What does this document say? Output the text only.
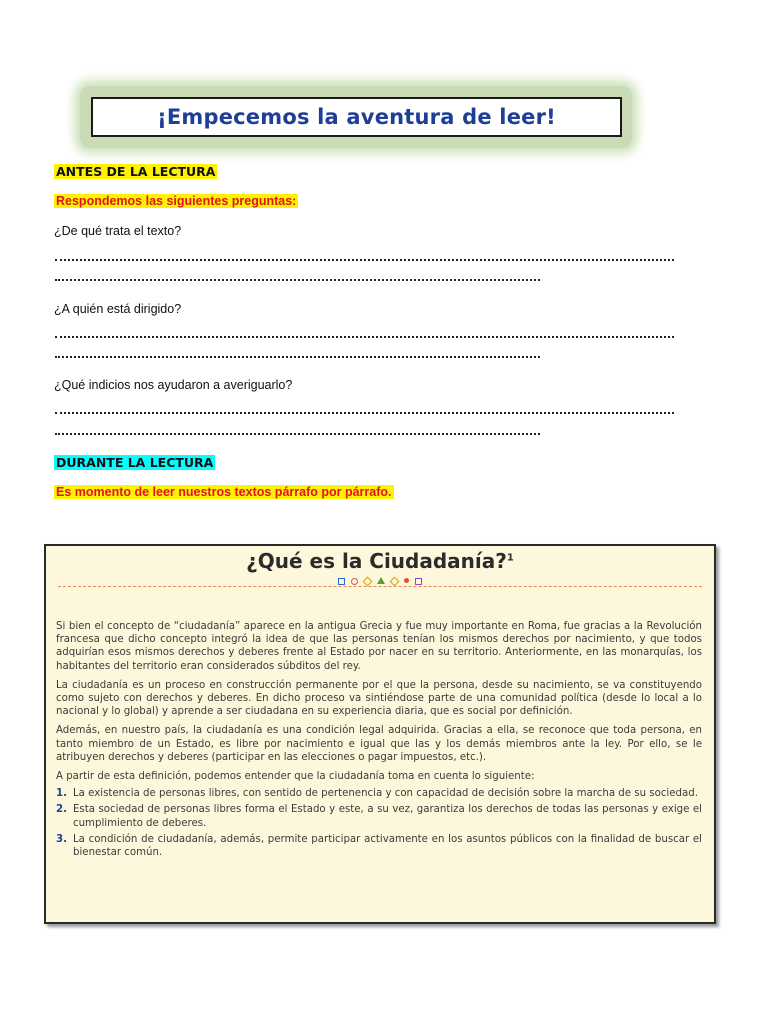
¡Empecemos la aventura de leer!
ANTES DE LA LECTURA
Respondemos las siguientes preguntas:
¿De qué trata el texto?
¿A quién está dirigido?
¿Qué indicios nos ayudaron a averiguarlo?
DURANTE LA LECTURA
Es momento de leer nuestros textos párrafo por párrafo.
¿Qué es la Ciudadanía?$^1$

Si bien el concepto de “ciudadanía” aparece en la antigua Grecia y fue muy importante en Roma, fue gracias a la Revolución francesa que dicho concepto integró la idea de que las personas tenían los mismos derechos por nacimiento, y que todos adquirían esos mismos derechos y deberes frente al Estado por nacer en su territorio. Anteriormente, en las monarquías, los habitantes del territorio eran considerados súbditos del rey.

La ciudadanía es un proceso en construcción permanente por el que la persona, desde su nacimiento, se va constituyendo como sujeto con derechos y deberes. En dicho proceso va sintiéndose parte de una comunidad política (desde lo local a lo nacional y lo global) y aprende a ser ciudadana en su experiencia diaria, que es social por definición.

Además, en nuestro país, la ciudadanía es una condición legal adquirida. Gracias a ella, se reconoce que toda persona, en tanto miembro de un Estado, es libre por nacimiento e igual que las y los demás miembros ante la ley. Por ello, se le atribuyen derechos y deberes (participar en las elecciones o pagar impuestos, etc.).

A partir de esta definición, podemos entender que la ciudadanía toma en cuenta lo siguiente:

1. La existencia de personas libres, con sentido de pertenencia y con capacidad de decisión sobre la marcha de su sociedad.
2. Esta sociedad de personas libres forma el Estado y este, a su vez, garantiza los derechos de todas las personas y exige el cumplimiento de deberes.
3. La condición de ciudadanía, además, permite participar activamente en los asuntos públicos con la finalidad de buscar el bienestar común.
